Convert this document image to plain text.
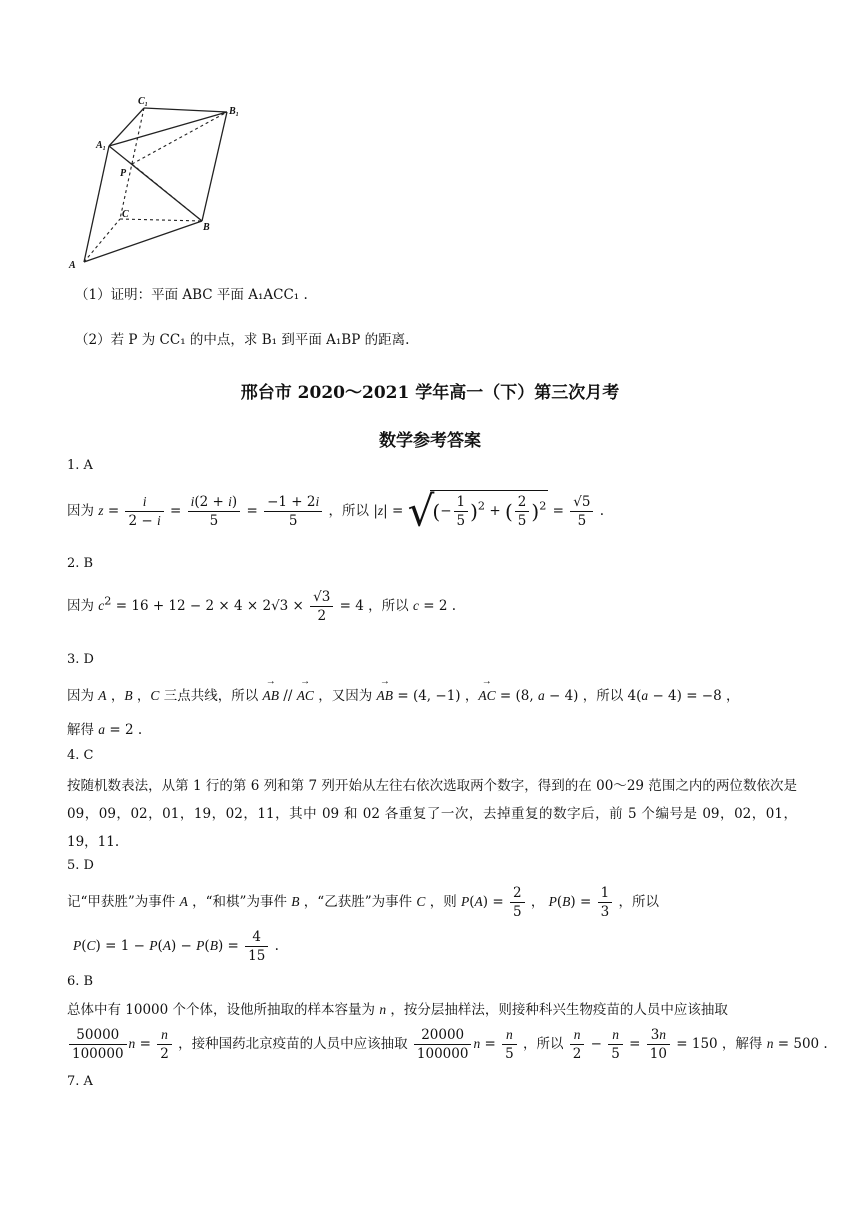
$C_1$
$B_1$
$A_1$
P
C
B
A
（1）证明：平面 ABC 平面 A₁ACC₁ .
（2）若 P 为 CC₁ 的中点，求 B₁ 到平面 A₁BP 的距离.
邢台市 2020～2021 学年高一（下）第三次月考
数学参考答案
1. A
因为 $z = \frac{i}{2 - i} = \frac{i(2 + i)}{5} = \frac{-1 + 2i}{5}$ ，所以 |z| = √(− $\frac{1}{5} )^2$ + ( $\frac{2}{5} )^2 = \frac{√5}{5}$ .
2. B
因为 $c^2 = 16 + 12 - 2 \times 4 \times 2√3 \times \frac{√3}{2} = 4$ ，所以 c = 2 .
3. D
因为 A ，B ，C 三点共线，所以 → AB // → AC ，又因为 → AB = (4, −1) ，→ AC = (8, a − 4) ，所以 4(a − 4) = −8 ，
解得 a = 2 .
4. C
按随机数表法，从第 1 行的第 6 列和第 7 列开始从左往右依次选取两个数字，得到的在 00～29 范围之内的两位数依次是 09，09，02，01，19，02，11，其中 09 和 02 各重复了一次，去掉重复的数字后，前 5 个编号是 09，02，01，19，11.
5. D
记“甲获胜”为事件 A ，“和棋”为事件 B ，“乙获胜”为事件 C ，则 $P(A) = \frac{2}{5}$ ， $P(B) = \frac{1}{3}$ ，所以
$P(C) = 1 - P(A) - P(B) = \frac{4}{15}$ .
6. B
总体中有 10000 个个体，设他所抽取的样本容量为 n ，按分层抽样法，则接种科兴生物疫苗的人员中应该抽取
$\frac{50000}{100000}$ $n = \frac{n}{2}$ ，接种国药北京疫苗的人员中应该抽取 $\frac{20000}{100000}$ $n = \frac{n}{5}$ ，所以 $\frac{n}{2} - \frac{n}{5} = \frac{3n}{10} = 150$ ，解得 n = 500 .
7. A
